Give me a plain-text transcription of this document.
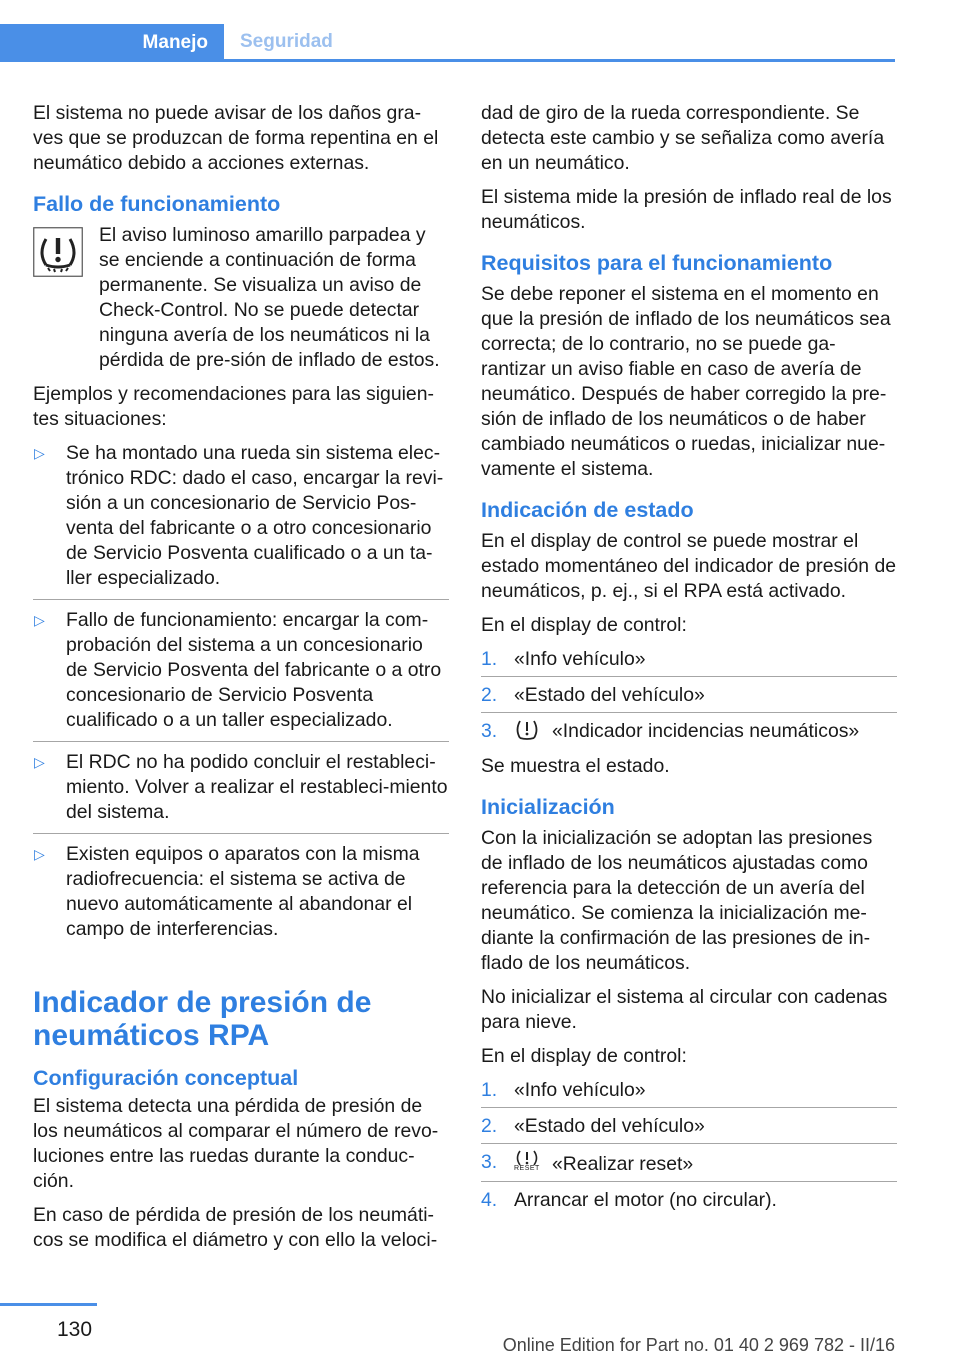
Manejo	Seguridad

El sistema no puede avisar de los daños gra‐ves que se produzcan de forma repentina en el neumático debido a acciones externas.

Fallo de funcionamiento

El aviso luminoso amarillo parpadea y se enciende a continuación de forma permanente. Se visualiza un aviso de Check-Control. No se puede detectar ninguna avería de los neumáticos ni la pérdida de pre‐sión de inflado de estos.

Ejemplos y recomendaciones para las siguien‐tes situaciones:

▷ Se ha montado una rueda sin sistema elec‐trónico RDC: dado el caso, encargar la revi‐sión a un concesionario de Servicio Pos‐venta del fabricante o a otro concesionario de Servicio Posventa cualificado o a un ta‐ller especializado.
▷ Fallo de funcionamiento: encargar la com‐probación del sistema a un concesionario de Servicio Posventa del fabricante o a otro concesionario de Servicio Posventa cualificado o a un taller especializado.
▷ El RDC no ha podido concluir el restableci‐miento. Volver a realizar el restableci‐miento del sistema.
▷ Existen equipos o aparatos con la misma radiofrecuencia: el sistema se activa de nuevo automáticamente al abandonar el campo de interferencias.
Indicador de presión de neumáticos RPA
Configuración conceptual

El sistema detecta una pérdida de presión de los neumáticos al comparar el número de revo‐luciones entre las ruedas durante la conduc‐ción.

En caso de pérdida de presión de los neumáti‐cos se modifica el diámetro y con ello la veloci‐

dad de giro de la rueda correspondiente. Se detecta este cambio y se señaliza como avería en un neumático.

El sistema mide la presión de inflado real de los neumáticos.

Requisitos para el funcionamiento

Se debe reponer el sistema en el momento en que la presión de inflado de los neumáticos sea correcta; de lo contrario, no se puede ga‐rantizar un aviso fiable en caso de avería de neumático. Después de haber corregido la pre‐sión de inflado de los neumáticos o de haber cambiado neumáticos o ruedas, inicializar nue‐vamente el sistema.

Indicación de estado

En el display de control se puede mostrar el estado momentáneo del indicador de presión de neumáticos, p. ej., si el RPA está activado.

En el display de control:

1. «Info vehículo»
2. «Estado del vehículo»
3.	«Indicador incidencias neumáticos»

Se muestra el estado.

Inicialización

Con la inicialización se adoptan las presiones de inflado de los neumáticos ajustadas como referencia para la detección de un avería del neumático. Se comienza la inicialización me‐diante la confirmación de las presiones de in‐flado de los neumáticos.

No inicializar el sistema al circular con cadenas para nieve.

En el display de control:

1. «Info vehículo»
2. «Estado del vehículo»
3. RESET «Realizar reset»
4. Arrancar el motor (no circular).
130
Online Edition for Part no. 01 40 2 969 782 - II/16
